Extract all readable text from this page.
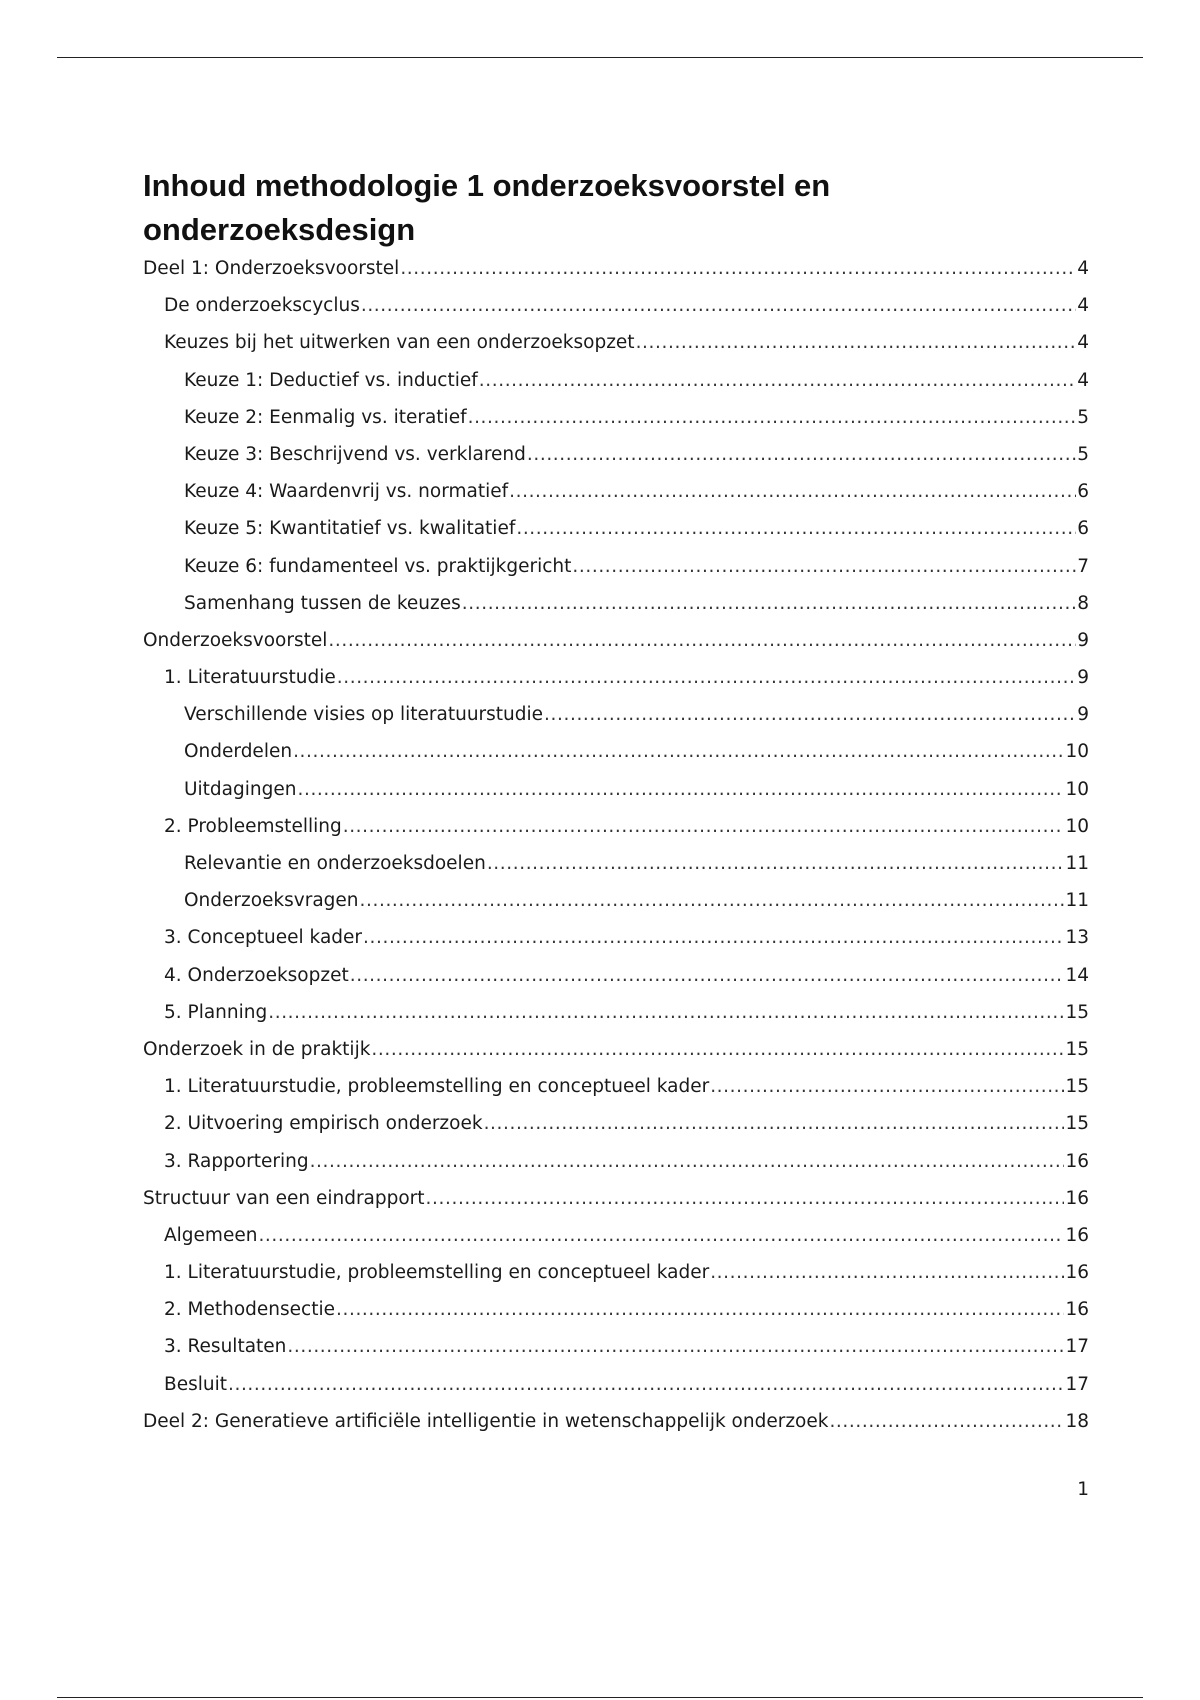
Inhoud methodologie 1 onderzoeksvoorstel en onderzoeksdesign
Deel 1: Onderzoeksvoorstel .....	4
De onderzoekscyclus .....	4
Keuzes bij het uitwerken van een onderzoeksopzet .....	4
Keuze 1: Deductief vs. inductief .....	4
Keuze 2: Eenmalig vs. iteratief .....	5
Keuze 3: Beschrijvend vs. verklarend .....	5
Keuze 4: Waardenvrij vs. normatief .....	6
Keuze 5: Kwantitatief vs. kwalitatief .....	6
Keuze 6: fundamenteel vs. praktijkgericht .....	7
Samenhang tussen de keuzes .....	8
Onderzoeksvoorstel .....	9
1. Literatuurstudie .....	9
Verschillende visies op literatuurstudie .....	9
Onderdelen .....	10
Uitdagingen .....	10
2. Probleemstelling .....	10
Relevantie en onderzoeksdoelen .....	11
Onderzoeksvragen .....	11
3. Conceptueel kader .....	13
4. Onderzoeksopzet .....	14
5. Planning .....	15
Onderzoek in de praktijk .....	15
1. Literatuurstudie, probleemstelling en conceptueel kader .....	15
2. Uitvoering empirisch onderzoek .....	15
3. Rapportering .....	16
Structuur van een eindrapport .....	16
Algemeen .....	16
1. Literatuurstudie, probleemstelling en conceptueel kader .....	16
2. Methodensectie .....	16
3. Resultaten .....	17
Besluit .....	17
Deel 2: Generatieve artificiële intelligentie in wetenschappelijk onderzoek .....	18
1
